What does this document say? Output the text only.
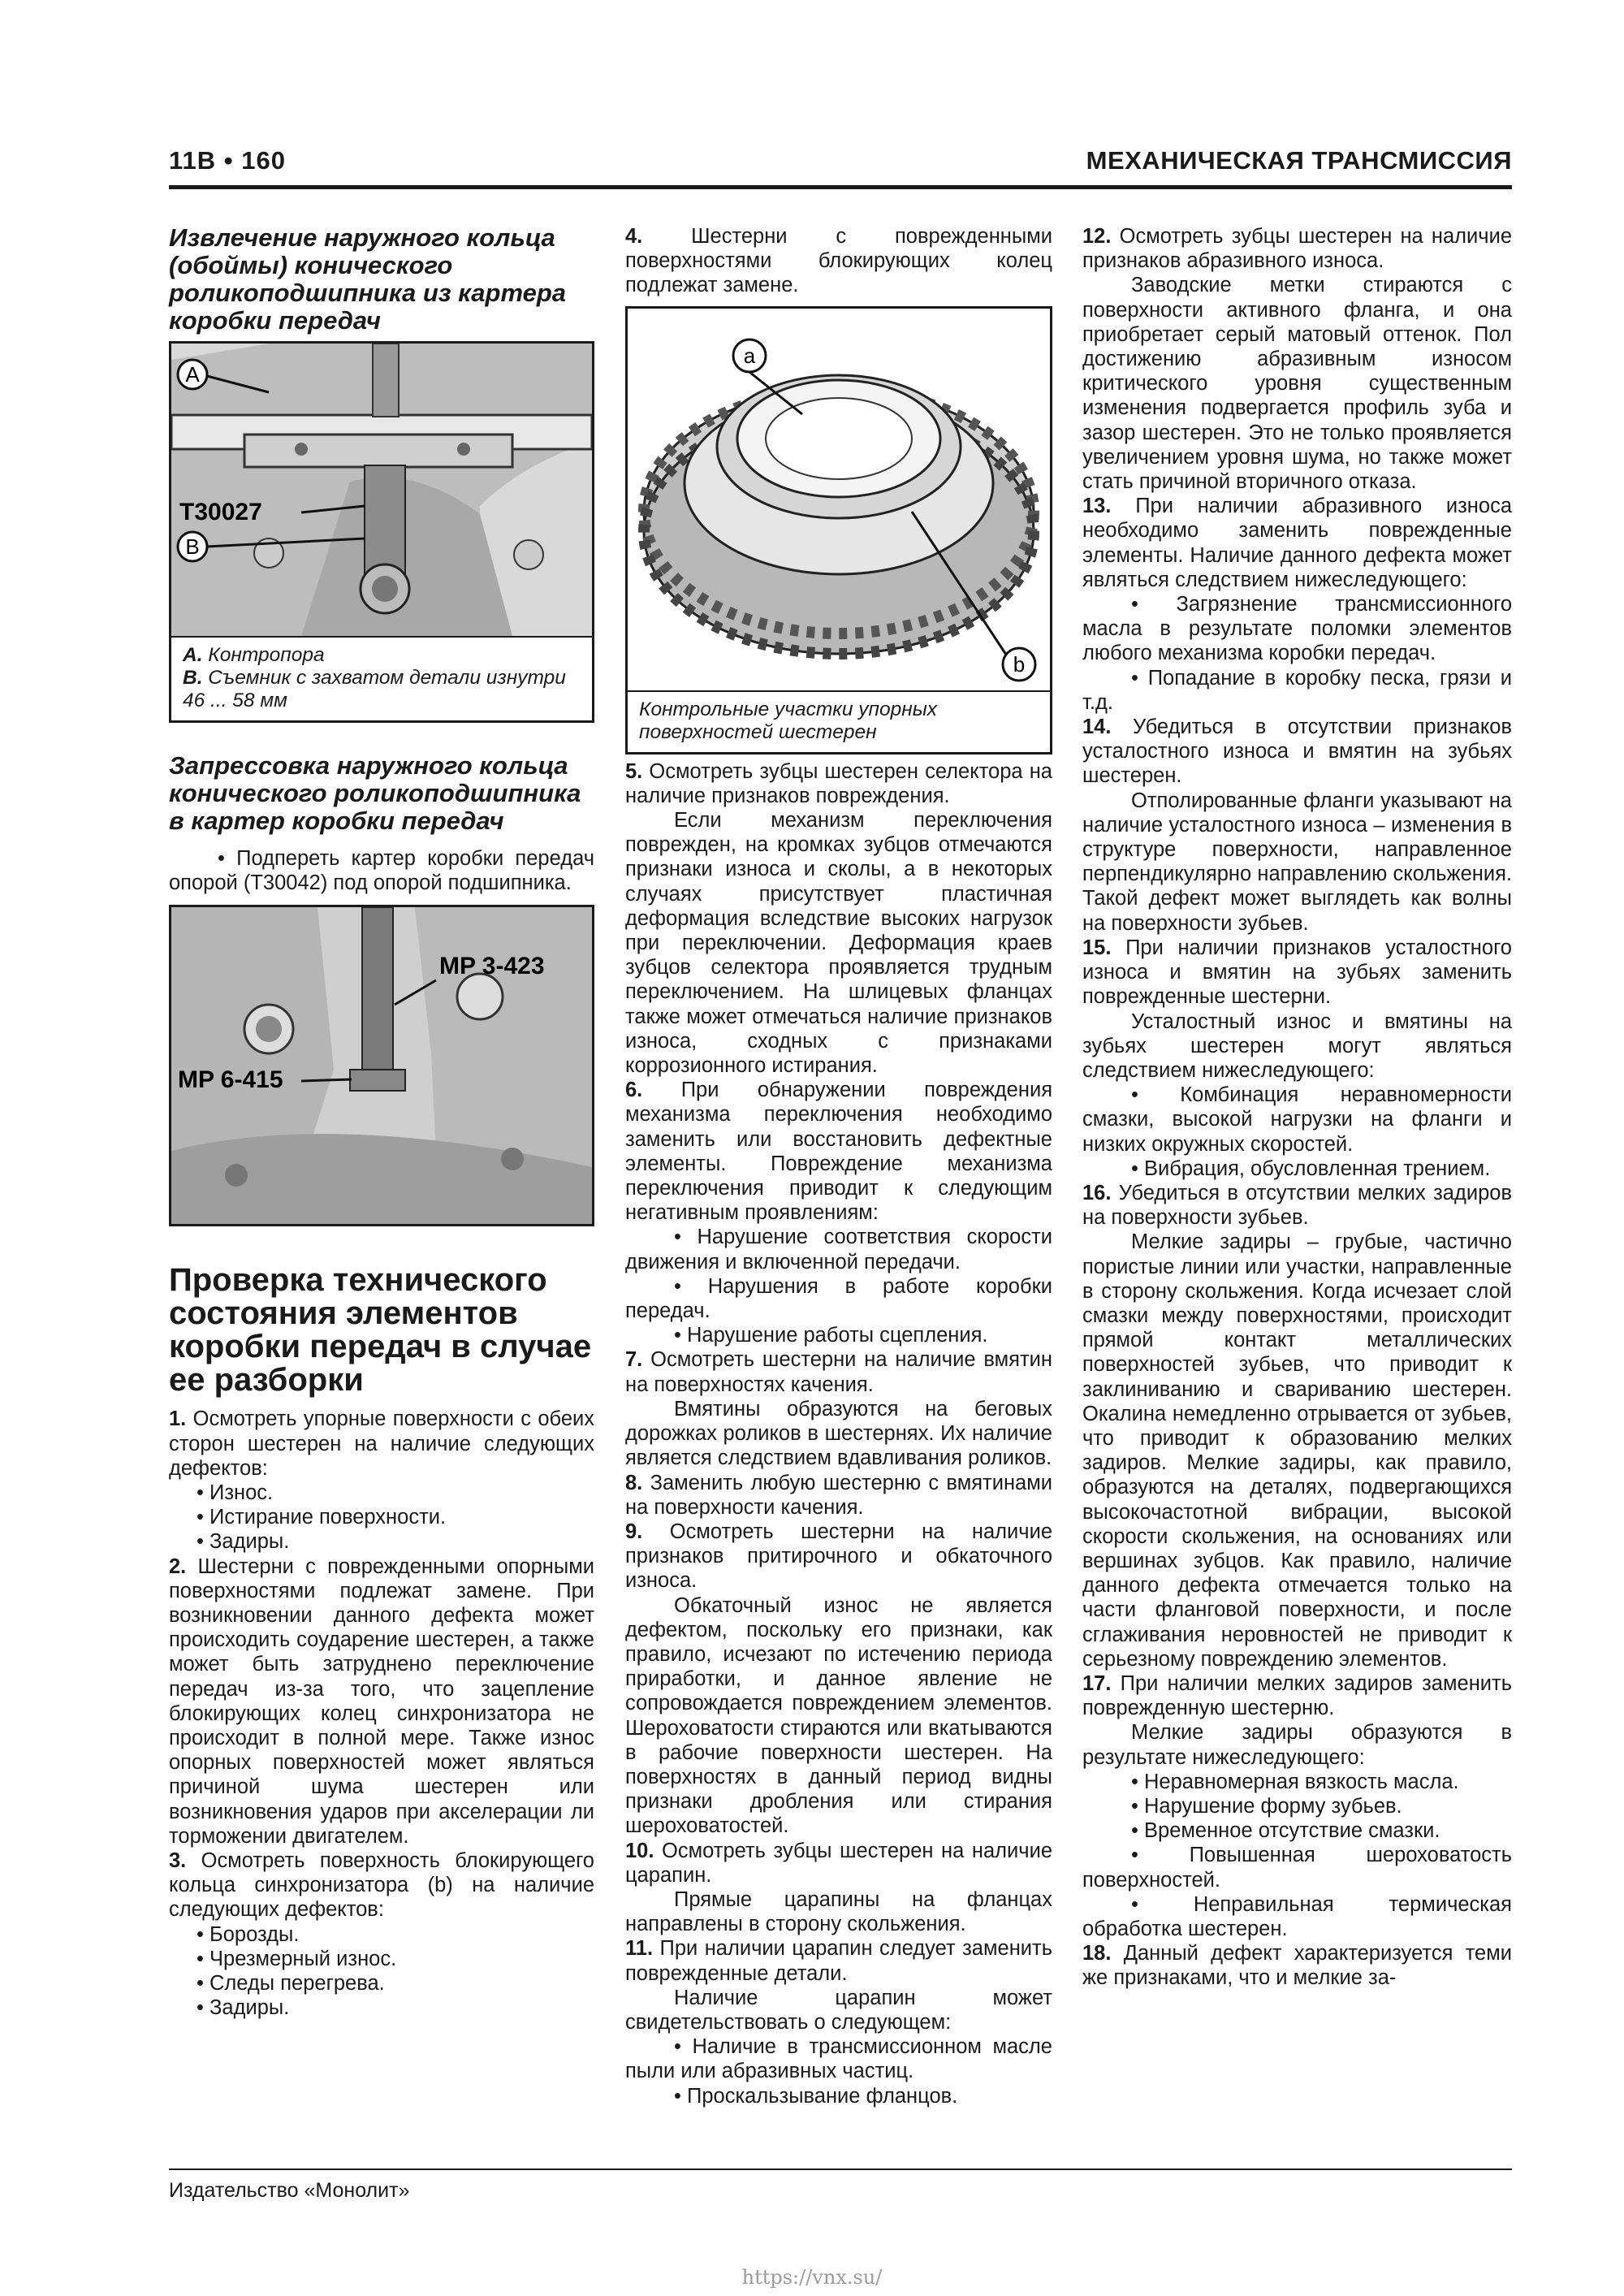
11B • 160	МЕХАНИЧЕСКАЯ ТРАНСМИССИЯ
Извлечение наружного кольца (обоймы) конического роликоподшипника из картера коробки передач
A
B
T30027
A. Контропора
B. Съемник с захватом детали изнутри 46 ... 58 мм
Запрессовка наружного кольца конического роликоподшипника в картер коробки передач

• Подпереть картер коробки передач опорой (T30042) под опорой подшипника.

MP 3-423
MP 6-415
Проверка технического состояния элементов коробки передач в случае ее разборки

1. Осмотреть упорные поверхности с обеих сторон шестерен на наличие следующих дефектов:

• Износ.

• Истирание поверхности.

• Задиры.

2. Шестерни с поврежденными опорными поверхностями подлежат замене. При возникновении данного дефекта может происходить соударение шестерен, а также может быть затруднено переключение передач из-за того, что зацепление блокирующих колец синхронизатора не происходит в полной мере. Также износ опорных поверхностей может являться причиной шума шестерен или возникновения ударов при акселерации ли торможении двигателем.

3. Осмотреть поверхность блокирующего кольца синхронизатора (b) на наличие следующих дефектов:

• Борозды.

• Чрезмерный износ.

• Следы перегрева.

• Задиры.

4. Шестерни с поврежденными поверхностями блокирующих колец подлежат замене.

a
b
Контрольные участки упорных поверхностей шестерен

5. Осмотреть зубцы шестерен селектора на наличие признаков повреждения.

Если механизм переключения поврежден, на кромках зубцов отмечаются признаки износа и сколы, а в некоторых случаях присутствует пластичная деформация вследствие высоких нагрузок при переключении. Деформация краев зубцов селектора проявляется трудным переключением. На шлицевых фланцах также может отмечаться наличие признаков износа, сходных с признаками коррозионного истирания.

6. При обнаружении повреждения механизма переключения необходимо заменить или восстановить дефектные элементы. Повреждение механизма переключения приводит к следующим негативным проявлениям:

• Нарушение соответствия скорости движения и включенной передачи.

• Нарушения в работе коробки передач.

• Нарушение работы сцепления.

7. Осмотреть шестерни на наличие вмятин на поверхностях качения.

Вмятины образуются на беговых дорожках роликов в шестернях. Их наличие является следствием вдавливания роликов.

8. Заменить любую шестерню с вмятинами на поверхности качения.

9. Осмотреть шестерни на наличие признаков притирочного и обкаточного износа.

Обкаточный износ не является дефектом, поскольку его признаки, как правило, исчезают по истечению периода приработки, и данное явление не сопровождается повреждением элементов. Шероховатости стираются или вкатываются в рабочие поверхности шестерен. На поверхностях в данный период видны признаки дробления или стирания шероховатостей.

10. Осмотреть зубцы шестерен на наличие царапин.

Прямые царапины на фланцах направлены в сторону скольжения.

11. При наличии царапин следует заменить поврежденные детали.

Наличие царапин может свидетельствовать о следующем:

• Наличие в трансмиссионном масле пыли или абразивных частиц.

• Проскальзывание фланцов.

12. Осмотреть зубцы шестерен на наличие признаков абразивного износа.

Заводские метки стираются с поверхности активного фланга, и она приобретает серый матовый оттенок. Пол достижению абразивным износом критического уровня существенным изменения подвергается профиль зуба и зазор шестерен. Это не только проявляется увеличением уровня шума, но также может стать причиной вторичного отказа.

13. При наличии абразивного износа необходимо заменить поврежденные элементы. Наличие данного дефекта может являться следствием нижеследующего:

• Загрязнение трансмиссионного масла в результате поломки элементов любого механизма коробки передач.

• Попадание в коробку песка, грязи и т.д.

14. Убедиться в отсутствии признаков усталостного износа и вмятин на зубьях шестерен.

Отполированные фланги указывают на наличие усталостного износа – изменения в структуре поверхности, направленное перпендикулярно направлению скольжения. Такой дефект может выглядеть как волны на поверхности зубьев.

15. При наличии признаков усталостного износа и вмятин на зубьях заменить поврежденные шестерни.

Усталостный износ и вмятины на зубьях шестерен могут являться следствием нижеследующего:

• Комбинация неравномерности смазки, высокой нагрузки на фланги и низких окружных скоростей.

• Вибрация, обусловленная трением.

16. Убедиться в отсутствии мелких задиров на поверхности зубьев.

Мелкие задиры – грубые, частично пористые линии или участки, направленные в сторону скольжения. Когда исчезает слой смазки между поверхностями, происходит прямой контакт металлических поверхностей зубьев, что приводит к заклиниванию и свариванию шестерен. Окалина немедленно отрывается от зубьев, что приводит к образованию мелких задиров. Мелкие задиры, как правило, образуются на деталях, подвергающихся высокочастотной вибрации, высокой скорости скольжения, на основаниях или вершинах зубцов. Как правило, наличие данного дефекта отмечается только на части фланговой поверхности, и после сглаживания неровностей не приводит к серьезному повреждению элементов.

17. При наличии мелких задиров заменить поврежденную шестерню.

Мелкие задиры образуются в результате нижеследующего:

• Неравномерная вязкость масла.

• Нарушение форму зубьев.

• Временное отсутствие смазки.

• Повышенная шероховатость поверхностей.

• Неправильная термическая обработка шестерен.

18. Данный дефект характеризуется теми же признаками, что и мелкие за-

Издательство «Монолит»
https://vnx.su/
